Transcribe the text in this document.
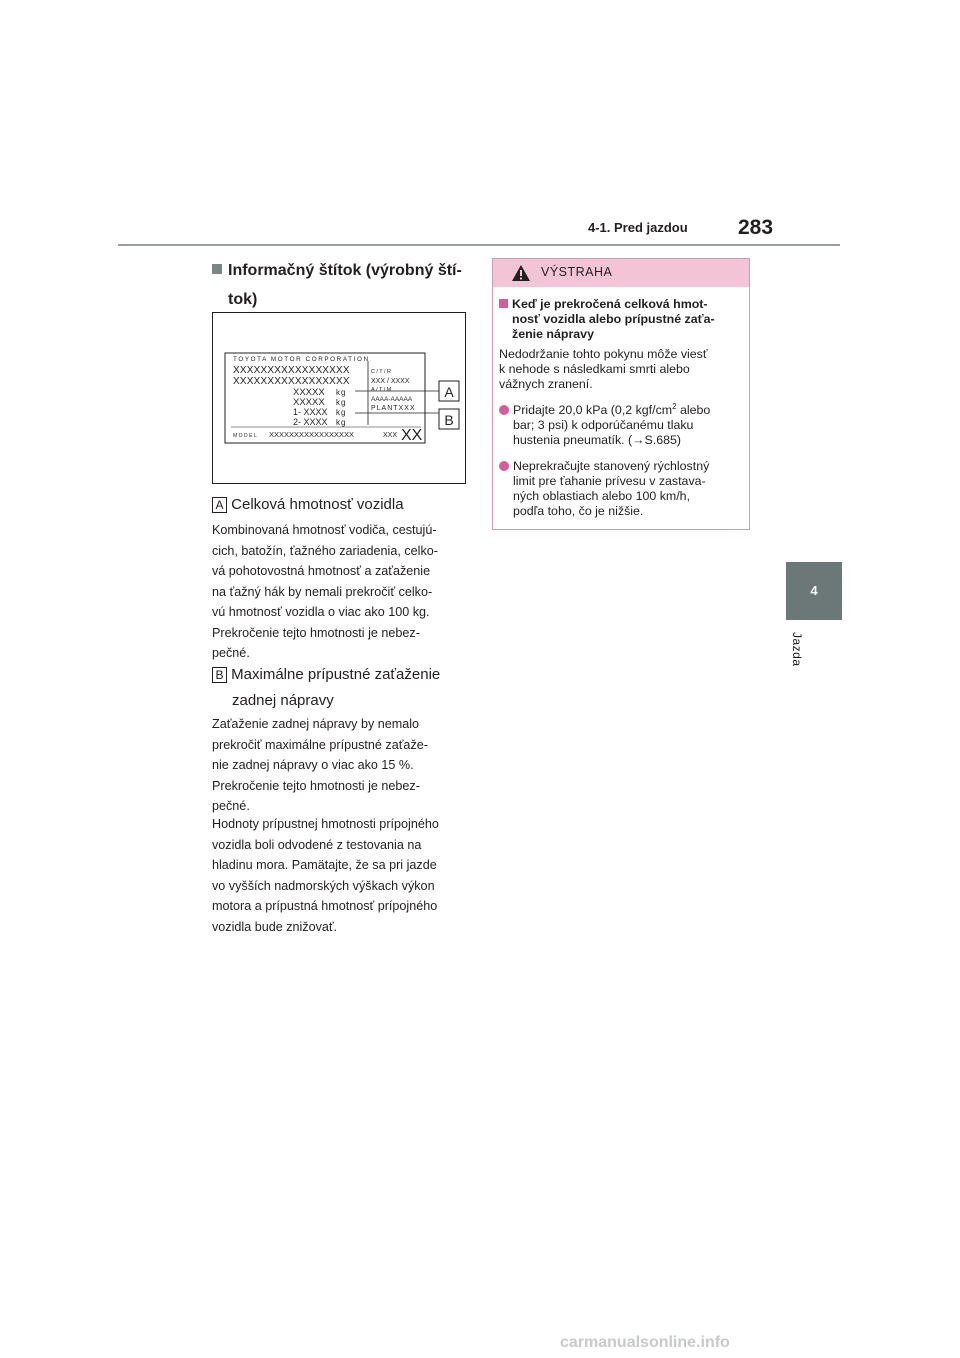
4-1. Pred jazdou 283
4
Jazda
Informačný štítok (výrobný ští-
tok)
TOYOTA MOTOR CORPORATION
XXXXXXXXXXXXXXXXX
XXXXXXXXXXXXXXXXX
XXXXX
XXXXX
1- XXXX
2- XXXX
kg
kg
kg
kg
C/T/R
XXX / XXXX
A/T/M
AAAA-AAAAA
PLANTXXX
MODEL XXXXXXXXXXXXXXXXX	XXX XX
A
B
A Celková hmotnosť vozidla
Kombinovaná hmotnosť vodiča, cestujú-
cich, batožín, ťažného zariadenia, celko-
vá pohotovostná hmotnosť a zaťaženie
na ťažný hák by nemali prekročiť celko-
vú hmotnosť vozidla o viac ako 100 kg.
Prekročenie tejto hmotnosti je nebez-
pečné.
B Maximálne prípustné zaťaženie
zadnej nápravy
Zaťaženie zadnej nápravy by nemalo
prekročiť maximálne prípustné zaťaže-
nie zadnej nápravy o viac ako 15 %.
Prekročenie tejto hmotnosti je nebez-
pečné.
Hodnoty prípustnej hmotnosti prípojného
vozidla boli odvodené z testovania na
hladinu mora. Pamätajte, že sa pri jazde
vo vyšších nadmorských výškach výkon
motora a prípustná hmotnosť prípojného
vozidla bude znižovať.
VÝSTRAHA
Keď je prekročená celková hmot-
nosť vozidla alebo prípustné zaťa-
ženie nápravy
Nedodržanie tohto pokynu môže viesť
k nehode s následkami smrti alebo
vážnych zranení.
Pridajte 20,0 kPa (0,2 kgf/$cm^2$ alebo
bar; 3 psi) k odporúčanému tlaku
hustenia pneumatík. (→S.685)
Neprekračujte stanovený rýchlostný
limit pre ťahanie prívesu v zastava-
ných oblastiach alebo 100 km/h,
podľa toho, čo je nižšie.
carmanualsonline.info
